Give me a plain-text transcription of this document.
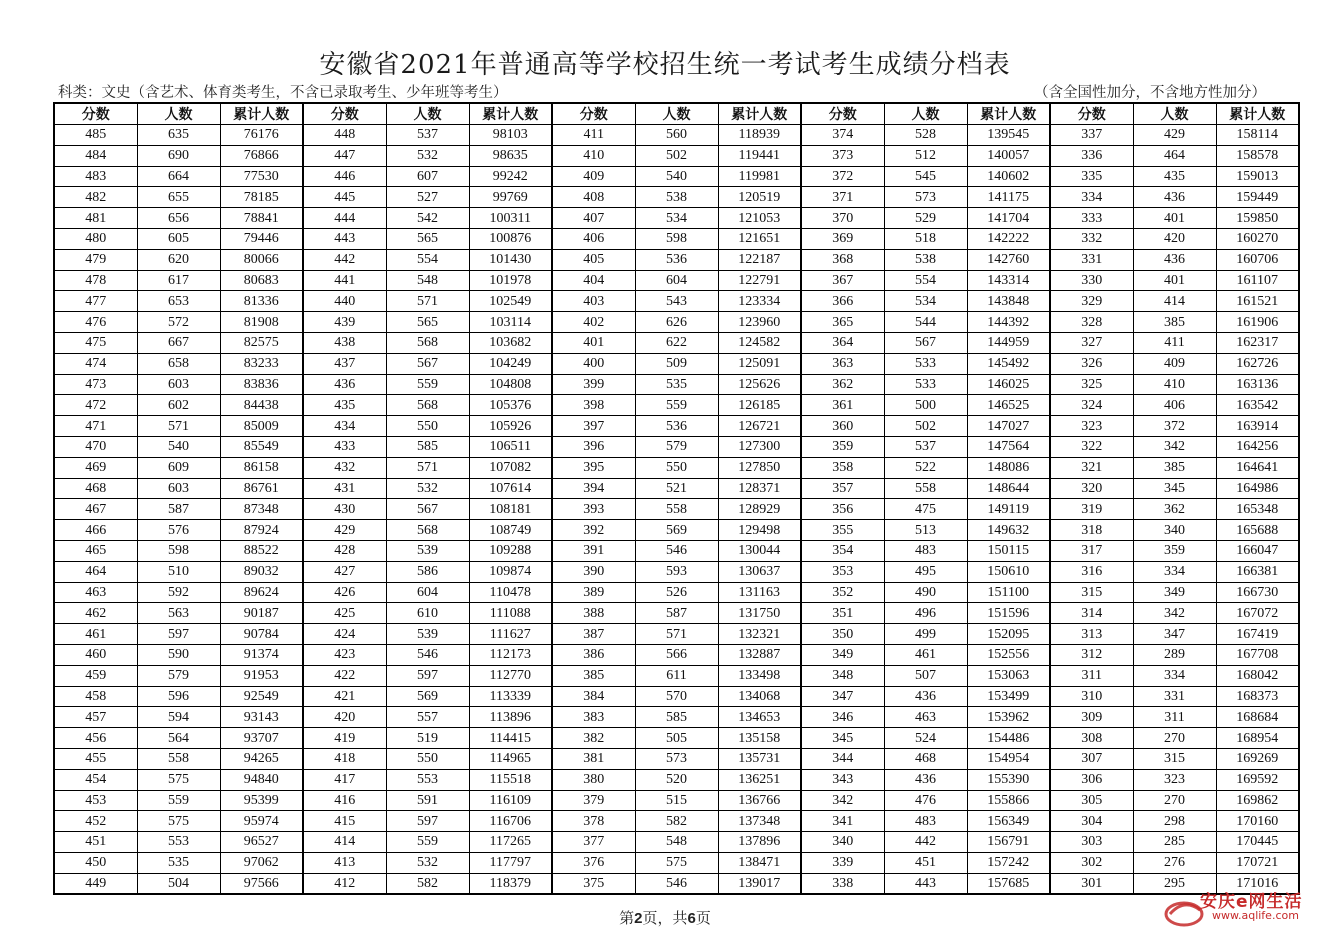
安徽省2021年普通高等学校招生统一考试考生成绩分档表
科类：文史（含艺术、体育类考生，不含已录取考生、少年班等考生）	（含全国性加分，不含地方性加分）
分数	人数	累计人数	分数	人数	累计人数	分数	人数	累计人数	分数	人数	累计人数	分数	人数	累计人数
485	635	76176	448	537	98103	411	560	118939	374	528	139545	337	429	158114
484	690	76866	447	532	98635	410	502	119441	373	512	140057	336	464	158578
483	664	77530	446	607	99242	409	540	119981	372	545	140602	335	435	159013
482	655	78185	445	527	99769	408	538	120519	371	573	141175	334	436	159449
481	656	78841	444	542	100311	407	534	121053	370	529	141704	333	401	159850
480	605	79446	443	565	100876	406	598	121651	369	518	142222	332	420	160270
479	620	80066	442	554	101430	405	536	122187	368	538	142760	331	436	160706
478	617	80683	441	548	101978	404	604	122791	367	554	143314	330	401	161107
477	653	81336	440	571	102549	403	543	123334	366	534	143848	329	414	161521
476	572	81908	439	565	103114	402	626	123960	365	544	144392	328	385	161906
475	667	82575	438	568	103682	401	622	124582	364	567	144959	327	411	162317
474	658	83233	437	567	104249	400	509	125091	363	533	145492	326	409	162726
473	603	83836	436	559	104808	399	535	125626	362	533	146025	325	410	163136
472	602	84438	435	568	105376	398	559	126185	361	500	146525	324	406	163542
471	571	85009	434	550	105926	397	536	126721	360	502	147027	323	372	163914
470	540	85549	433	585	106511	396	579	127300	359	537	147564	322	342	164256
469	609	86158	432	571	107082	395	550	127850	358	522	148086	321	385	164641
468	603	86761	431	532	107614	394	521	128371	357	558	148644	320	345	164986
467	587	87348	430	567	108181	393	558	128929	356	475	149119	319	362	165348
466	576	87924	429	568	108749	392	569	129498	355	513	149632	318	340	165688
465	598	88522	428	539	109288	391	546	130044	354	483	150115	317	359	166047
464	510	89032	427	586	109874	390	593	130637	353	495	150610	316	334	166381
463	592	89624	426	604	110478	389	526	131163	352	490	151100	315	349	166730
462	563	90187	425	610	111088	388	587	131750	351	496	151596	314	342	167072
461	597	90784	424	539	111627	387	571	132321	350	499	152095	313	347	167419
460	590	91374	423	546	112173	386	566	132887	349	461	152556	312	289	167708
459	579	91953	422	597	112770	385	611	133498	348	507	153063	311	334	168042
458	596	92549	421	569	113339	384	570	134068	347	436	153499	310	331	168373
457	594	93143	420	557	113896	383	585	134653	346	463	153962	309	311	168684
456	564	93707	419	519	114415	382	505	135158	345	524	154486	308	270	168954
455	558	94265	418	550	114965	381	573	135731	344	468	154954	307	315	169269
454	575	94840	417	553	115518	380	520	136251	343	436	155390	306	323	169592
453	559	95399	416	591	116109	379	515	136766	342	476	155866	305	270	169862
452	575	95974	415	597	116706	378	582	137348	341	483	156349	304	298	170160
451	553	96527	414	559	117265	377	548	137896	340	442	156791	303	285	170445
450	535	97062	413	532	117797	376	575	138471	339	451	157242	302	276	170721
449	504	97566	412	582	118379	375	546	139017	338	443	157685	301	295	171016
第2页，共6页
安庆e网生活
www.aqlife.com
